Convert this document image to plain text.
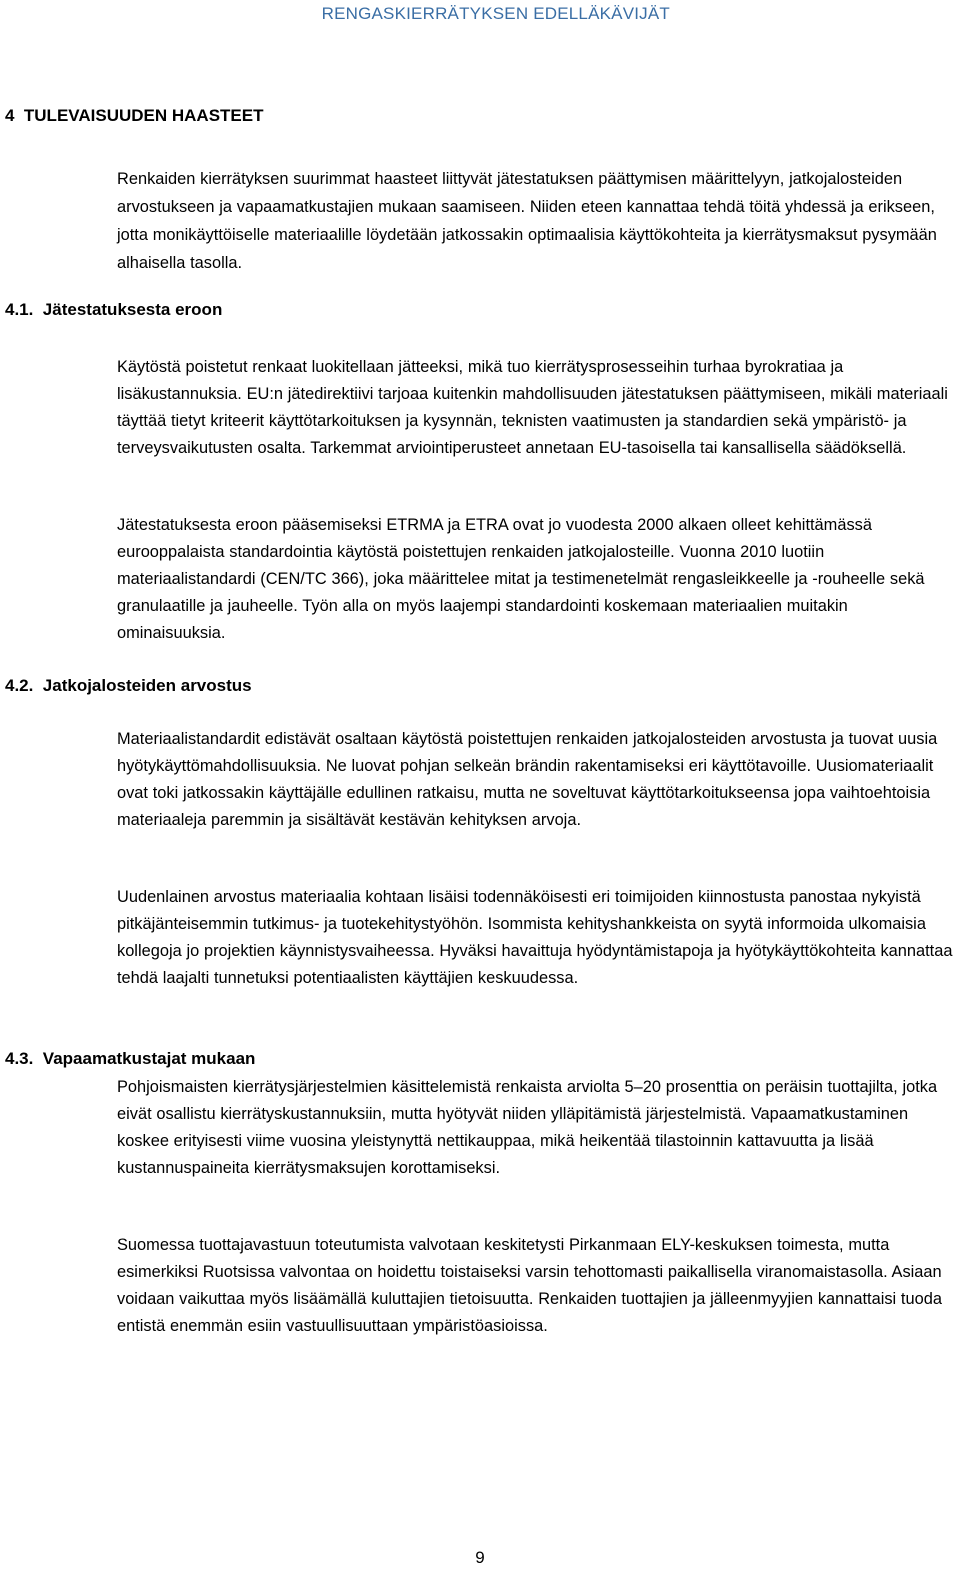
RENGASKIERRÄTYKSEN EDELLÄKÄVIJÄT
4  TULEVAISUUDEN HAASTEET

Renkaiden kierrätyksen suurimmat haasteet liittyvät jätestatuksen päättymisen määrittelyyn, jatkojalosteiden arvostukseen ja vapaamatkustajien mukaan saamiseen. Niiden eteen kannattaa tehdä töitä yhdessä ja erikseen, jotta monikäyttöiselle materiaalille löydetään jatkossakin optimaalisia käyttökohteita ja kierrätysmaksut pysymään alhaisella tasolla.

4.1.  Jätestatuksesta eroon

Käytöstä poistetut renkaat luokitellaan jätteeksi, mikä tuo kierrätysprosesseihin turhaa byrokratiaa ja lisäkustannuksia. EU:n jätedirektiivi tarjoaa kuitenkin mahdollisuuden jätestatuksen päättymiseen, mikäli materiaali täyttää tietyt kriteerit käyttötarkoituksen ja kysynnän, teknisten vaatimusten ja standardien sekä ympäristö- ja terveysvaikutusten osalta. Tarkemmat arviointiperusteet annetaan EU-tasoisella tai kansallisella säädöksellä.

Jätestatuksesta eroon pääsemiseksi ETRMA ja ETRA ovat jo vuodesta 2000 alkaen olleet kehittämässä eurooppalaista standardointia käytöstä poistettujen renkaiden jatkojalosteille. Vuonna 2010 luotiin materiaalistandardi (CEN/TC 366), joka määrittelee mitat ja testimenetelmät rengasleikkeelle ja -rouheelle sekä granulaatille ja jauheelle. Työn alla on myös laajempi standardointi koskemaan materiaalien muitakin ominaisuuksia.

4.2.  Jatkojalosteiden arvostus

Materiaalistandardit edistävät osaltaan käytöstä poistettujen renkaiden jatkojalosteiden arvostusta ja tuovat uusia hyötykäyttömahdollisuuksia. Ne luovat pohjan selkeän brändin rakentamiseksi eri käyttötavoille. Uusiomateriaalit ovat toki jatkossakin käyttäjälle edullinen ratkaisu, mutta ne soveltuvat käyttötarkoitukseensa jopa vaihtoehtoisia materiaaleja paremmin ja sisältävät kestävän kehityksen arvoja.

Uudenlainen arvostus materiaalia kohtaan lisäisi todennäköisesti eri toimijoiden kiinnostusta panostaa nykyistä pitkäjänteisemmin tutkimus- ja tuotekehitystyöhön. Isommista kehityshankkeista on syytä informoida ulkomaisia kollegoja jo projektien käynnistysvaiheessa. Hyväksi havaittuja hyödyntämistapoja ja hyötykäyttökohteita kannattaa tehdä laajalti tunnetuksi potentiaalisten käyttäjien keskuudessa.

4.3.  Vapaamatkustajat mukaan

Pohjoismaisten kierrätysjärjestelmien käsittelemistä renkaista arviolta 5–20 prosenttia on peräisin tuottajilta, jotka eivät osallistu kierrätyskustannuksiin, mutta hyötyvät niiden ylläpitämistä järjestelmistä. Vapaamatkustaminen koskee erityisesti viime vuosina yleistynyttä nettikauppaa, mikä heikentää tilastoinnin kattavuutta ja lisää kustannuspaineita kierrätysmaksujen korottamiseksi.

Suomessa tuottajavastuun toteutumista valvotaan keskitetysti Pirkanmaan ELY-keskuksen toimesta, mutta esimerkiksi Ruotsissa valvontaa on hoidettu toistaiseksi varsin tehottomasti paikallisella viranomaistasolla. Asiaan voidaan vaikuttaa myös lisäämällä kuluttajien tietoisuutta. Renkaiden tuottajien ja jälleenmyyjien kannattaisi tuoda entistä enemmän esiin vastuullisuuttaan ympäristöasioissa.

9
